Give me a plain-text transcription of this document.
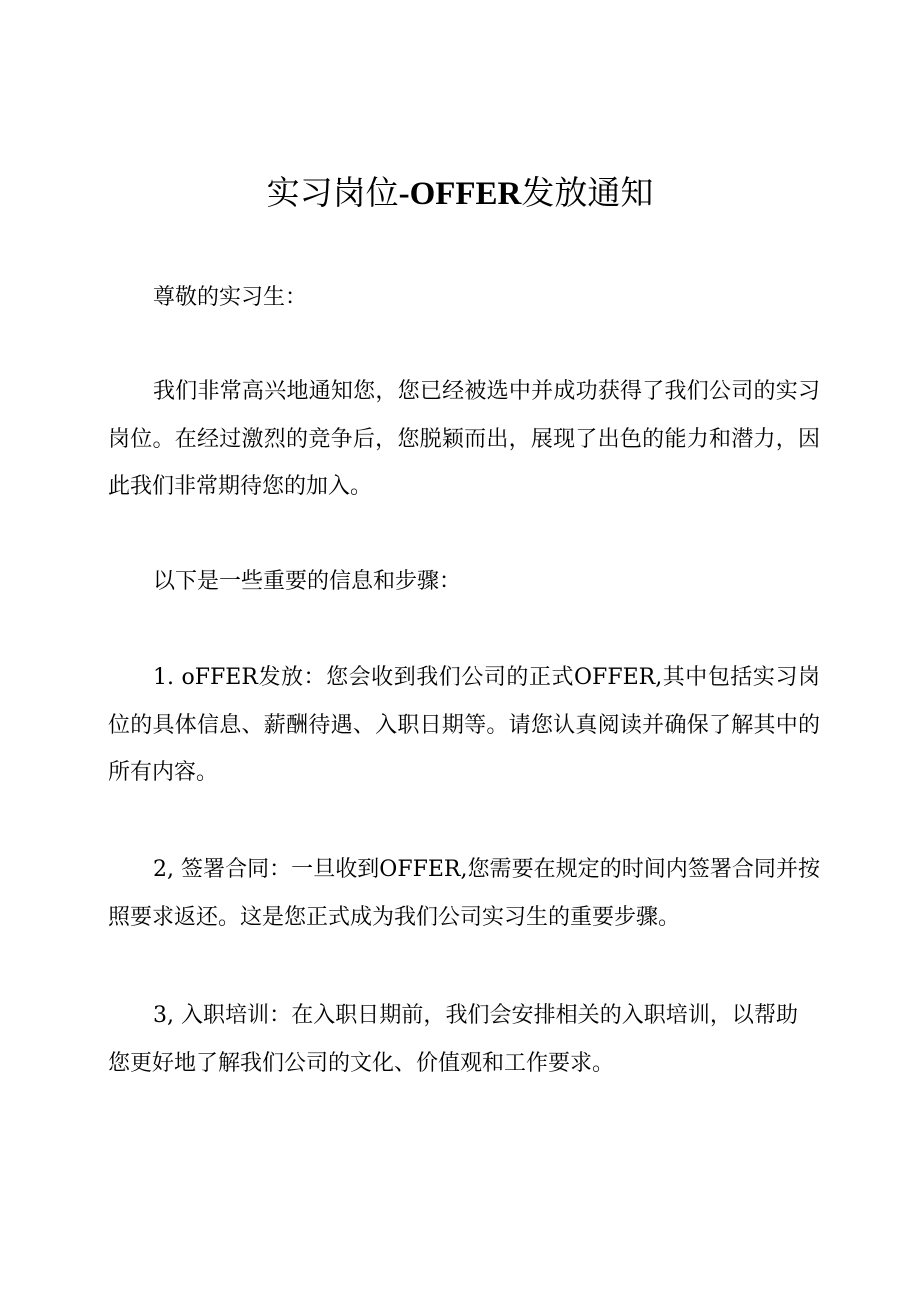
实习岗位-OFFER发放通知

尊敬的实习生：

我们非常高兴地通知您，您已经被选中并成功获得了我们公司的实习岗位。在经过激烈的竞争后，您脱颖而出，展现了出色的能力和潜力，因此我们非常期待您的加入。

以下是一些重要的信息和步骤：

1. oFFER发放：您会收到我们公司的正式OFFER,其中包括实习岗位的具体信息、薪酬待遇、入职日期等。请您认真阅读并确保了解其中的所有内容。

2, 签署合同：一旦收到OFFER,您需要在规定的时间内签署合同并按照要求返还。这是您正式成为我们公司实习生的重要步骤。

3, 入职培训：在入职日期前，我们会安排相关的入职培训，以帮助您更好地了解我们公司的文化、价值观和工作要求。
